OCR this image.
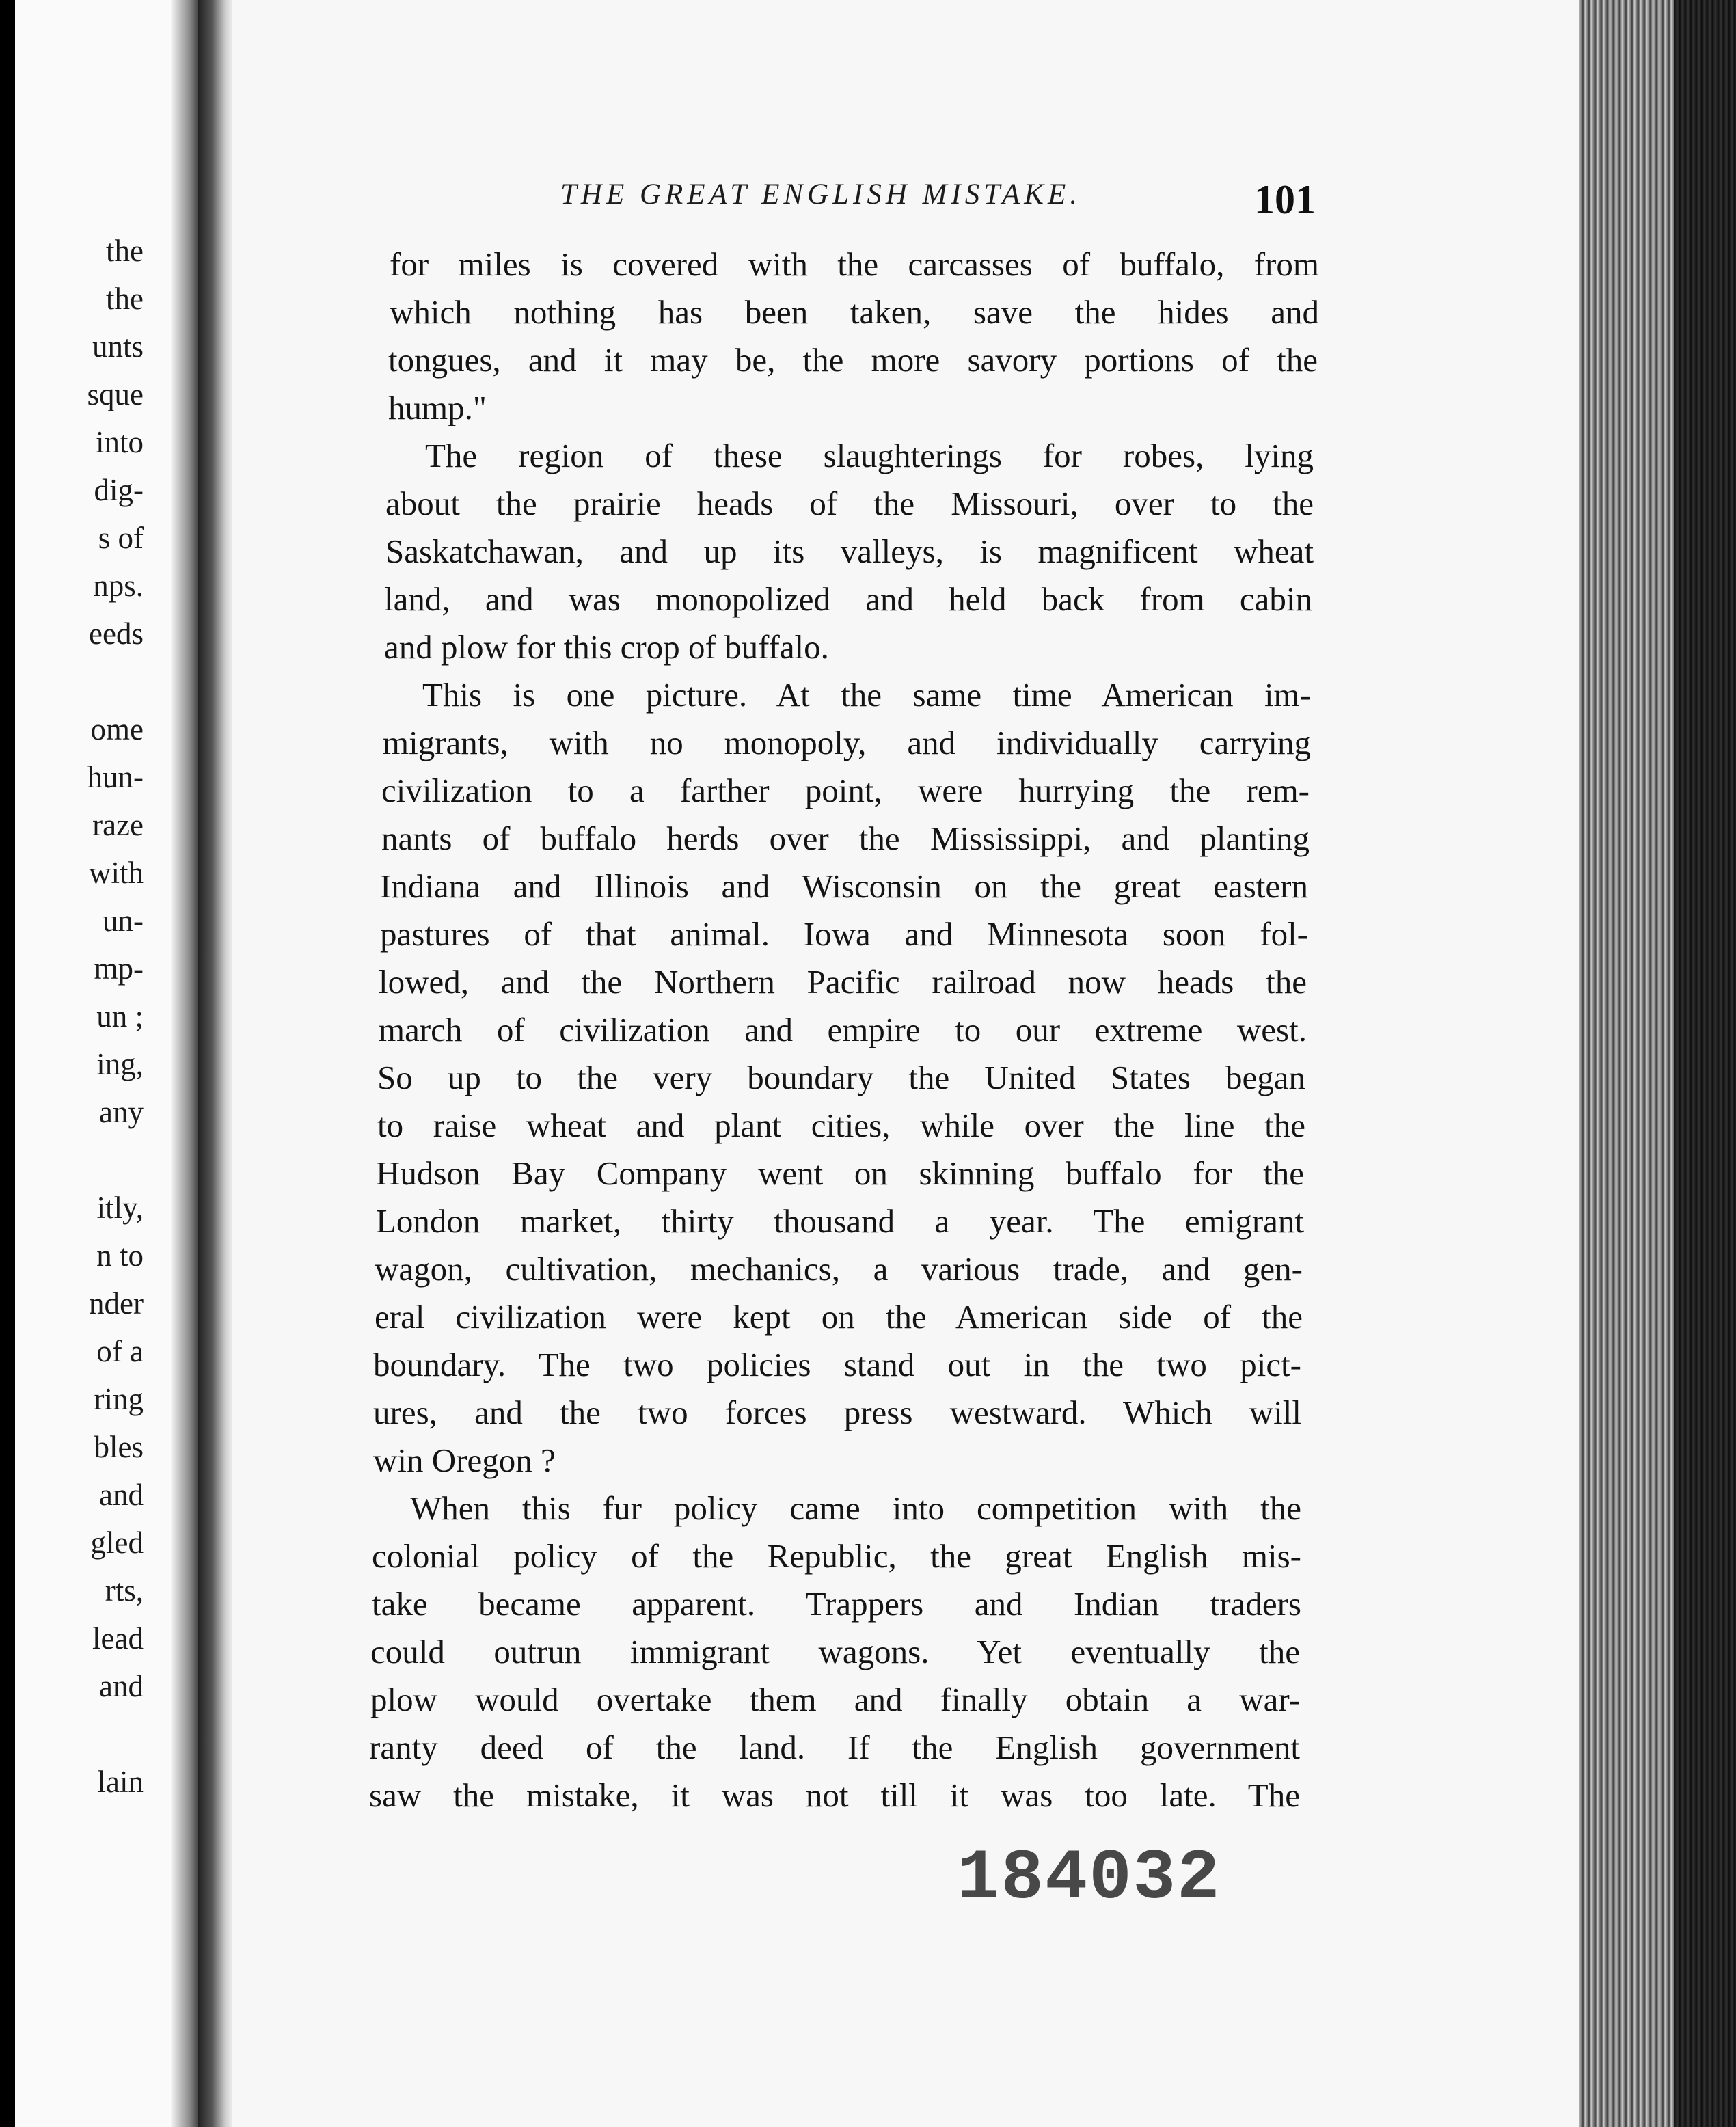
the
the
unts
sque
into
dig-
s of
nps.
eeds
ome
hun-
raze
with
un-
mp-
un ;
ing,
any
itly,
n to
nder
of a
ring
bles
and
gled
rts,
lead
and
lain
THE GREAT ENGLISH MISTAKE.	101
for miles is covered with the carcasses of buffalo, from
which nothing has been taken, save the hides and
tongues, and it may be, the more savory portions of the
hump."
The region of these slaughterings for robes, lying
about the prairie heads of the Missouri, over to the
Saskatchawan, and up its valleys, is magnificent wheat
land, and was monopolized and held back from cabin
and plow for this crop of buffalo.
This is one picture. At the same time American im-
migrants, with no monopoly, and individually carrying
civilization to a farther point, were hurrying the rem-
nants of buffalo herds over the Mississippi, and planting
Indiana and Illinois and Wisconsin on the great eastern
pastures of that animal. Iowa and Minnesota soon fol-
lowed, and the Northern Pacific railroad now heads the
march of civilization and empire to our extreme west.
So up to the very boundary the United States began
to raise wheat and plant cities, while over the line the
Hudson Bay Company went on skinning buffalo for the
London market, thirty thousand a year. The emigrant
wagon, cultivation, mechanics, a various trade, and gen-
eral civilization were kept on the American side of the
boundary. The two policies stand out in the two pict-
ures, and the two forces press westward. Which will
win Oregon ?
When this fur policy came into competition with the
colonial policy of the Republic, the great English mis-
take became apparent. Trappers and Indian traders
could outrun immigrant wagons. Yet eventually the
plow would overtake them and finally obtain a war-
ranty deed of the land. If the English government
saw the mistake, it was not till it was too late. The
184032
